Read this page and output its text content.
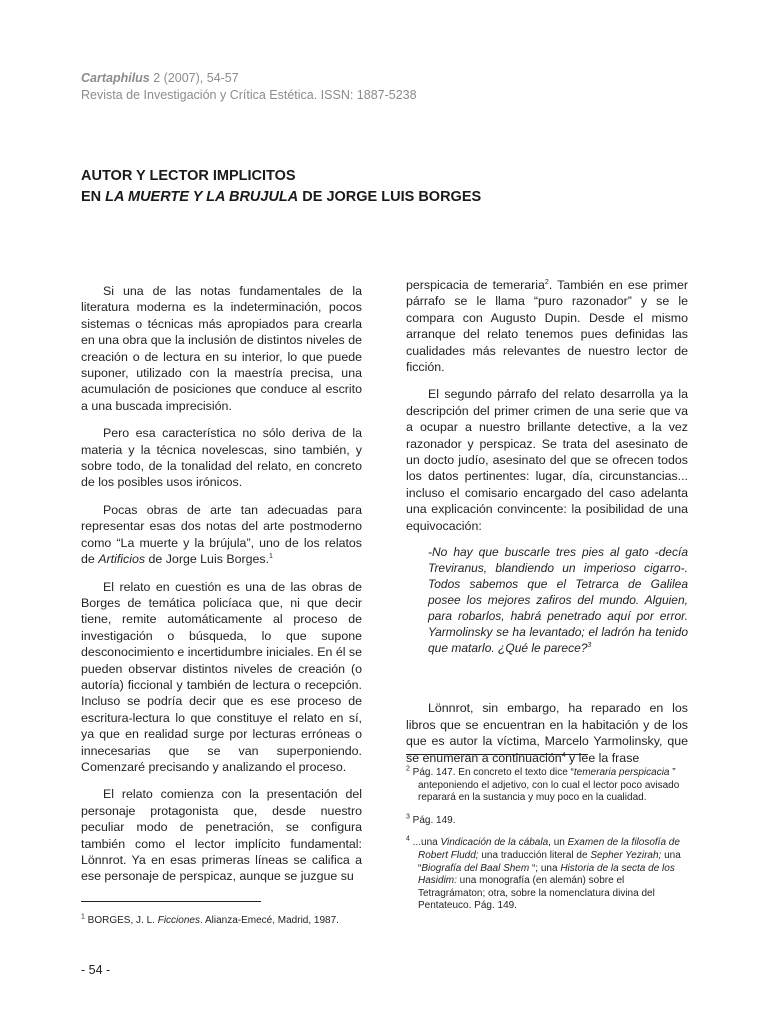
Cartaphilus 2 (2007), 54-57
Revista de Investigación y Crítica Estética. ISSN: 1887-5238
AUTOR Y LECTOR IMPLICITOS
EN LA MUERTE Y LA BRUJULA DE JORGE LUIS BORGES

Si una de las notas fundamentales de la literatura moderna es la indeterminación, pocos sistemas o técnicas más apropiados para crearla en una obra que la inclusión de distintos niveles de creación o de lectura en su interior, lo que puede suponer, utilizado con la maestría precisa, una acumulación de posiciones que conduce al escrito a una buscada imprecisión.

Pero esa característica no sólo deriva de la materia y la técnica novelescas, sino también, y sobre todo, de la tonalidad del relato, en concreto de los posibles usos irónicos.

Pocas obras de arte tan adecuadas para representar esas dos notas del arte postmoderno como “La muerte y la brújula”, uno de los relatos de Artificios de Jorge Luis Borges.$^1$

El relato en cuestión es una de las obras de Borges de temática policíaca que, ni que decir tiene, remite automáticamente al proceso de investigación o búsqueda, lo que supone desconocimiento e incertidumbre iniciales. En él se pueden observar distintos niveles de creación (o autoría) ficcional y también de lectura o recepción. Incluso se podría decir que es ese proceso de escritura-lectura lo que constituye el relato en sí, ya que en realidad surge por lecturas erróneas o innecesarias que se van superponiendo. Comenzaré precisando y analizando el proceso.

El relato comienza con la presentación del personaje protagonista que, desde nuestro peculiar modo de penetración, se configura también como el lector implícito fundamental: Lönnrot. Ya en esas primeras líneas se califica a ese personaje de perspicaz, aunque se juzgue su

perspicacia de temeraria$^2$. También en ese primer párrafo se le llama “puro razonador” y se le compara con Augusto Dupin. Desde el mismo arranque del relato tenemos pues definidas las cualidades más relevantes de nuestro lector de ficción.

El segundo párrafo del relato desarrolla ya la descripción del primer crimen de una serie que va a ocupar a nuestro brillante detective, a la vez razonador y perspicaz. Se trata del asesinato de un docto judío, asesinato del que se ofrecen todos los datos pertinentes: lugar, día, circunstancias... incluso el comisario encargado del caso adelanta una explicación convincente: la posibilidad de una equivocación:

-No hay que buscarle tres pies al gato -decía Treviranus, blandiendo un imperioso cigarro-. Todos sabemos que el Tetrarca de Galilea posee los mejores zafiros del mundo. Alguien, para robarlos, habrá penetrado aquí por error. Yarmolinsky se ha levantado; el ladrón ha tenido que matarlo. ¿Qué le parece?$^3$

Lönnrot, sin embargo, ha reparado en los libros que se encuentran en la habitación y de los que es autor la víctima, Marcelo Yarmolinsky, que se enumeran a continuación$^4$ y lee la frase

$^1$ BORGES, J. L. Ficciones. Alianza-Emecé, Madrid, 1987.

$^2$ Pág. 147. En concreto el texto dice “temeraria perspicacia ” anteponiendo el adjetivo, con lo cual el lector poco avisado reparará en la sustancia y muy poco en la cualidad.

$^3$ Pág. 149.

$^4$ ...una Vindicación de la cábala, un Examen de la filosofía de Robert Fludd; una traducción literal de Sepher Yezirah; una “Biografía del Baal Shem “; una Historia de la secta de los Hasidim: una monografía (en alemán) sobre el Tetragrámaton; otra, sobre la nomenclatura divina del Pentateuco. Pág. 149.

- 54 -
